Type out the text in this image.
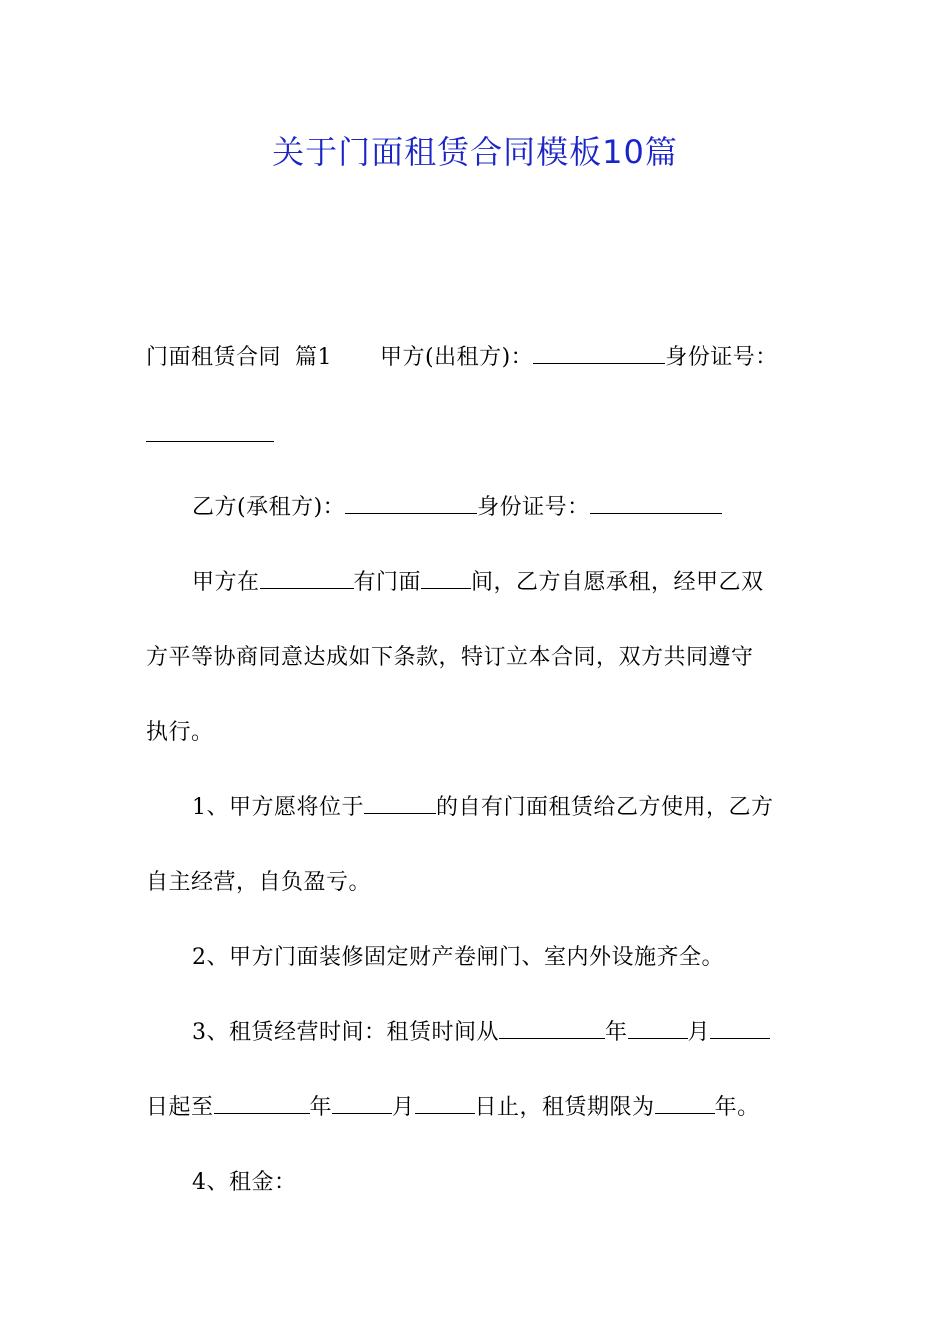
关于门面租赁合同模板10篇
门面租赁合同 篇1 甲方(出租方)：	身份证号：
乙方(承租方)：	身份证号：
甲方在	有门面 间，乙方自愿承租，经甲乙双
方平等协商同意达成如下条款，特订立本合同，双方共同遵守
执行。
1、甲方愿将位于	的自有门面租赁给乙方使用，乙方
自主经营，自负盈亏。
2、甲方门面装修固定财产卷闸门、室内外设施齐全。
3、租赁经营时间：租赁时间从	年	月
日起至	年	月	日止，租赁期限为	年。
4、租金：
